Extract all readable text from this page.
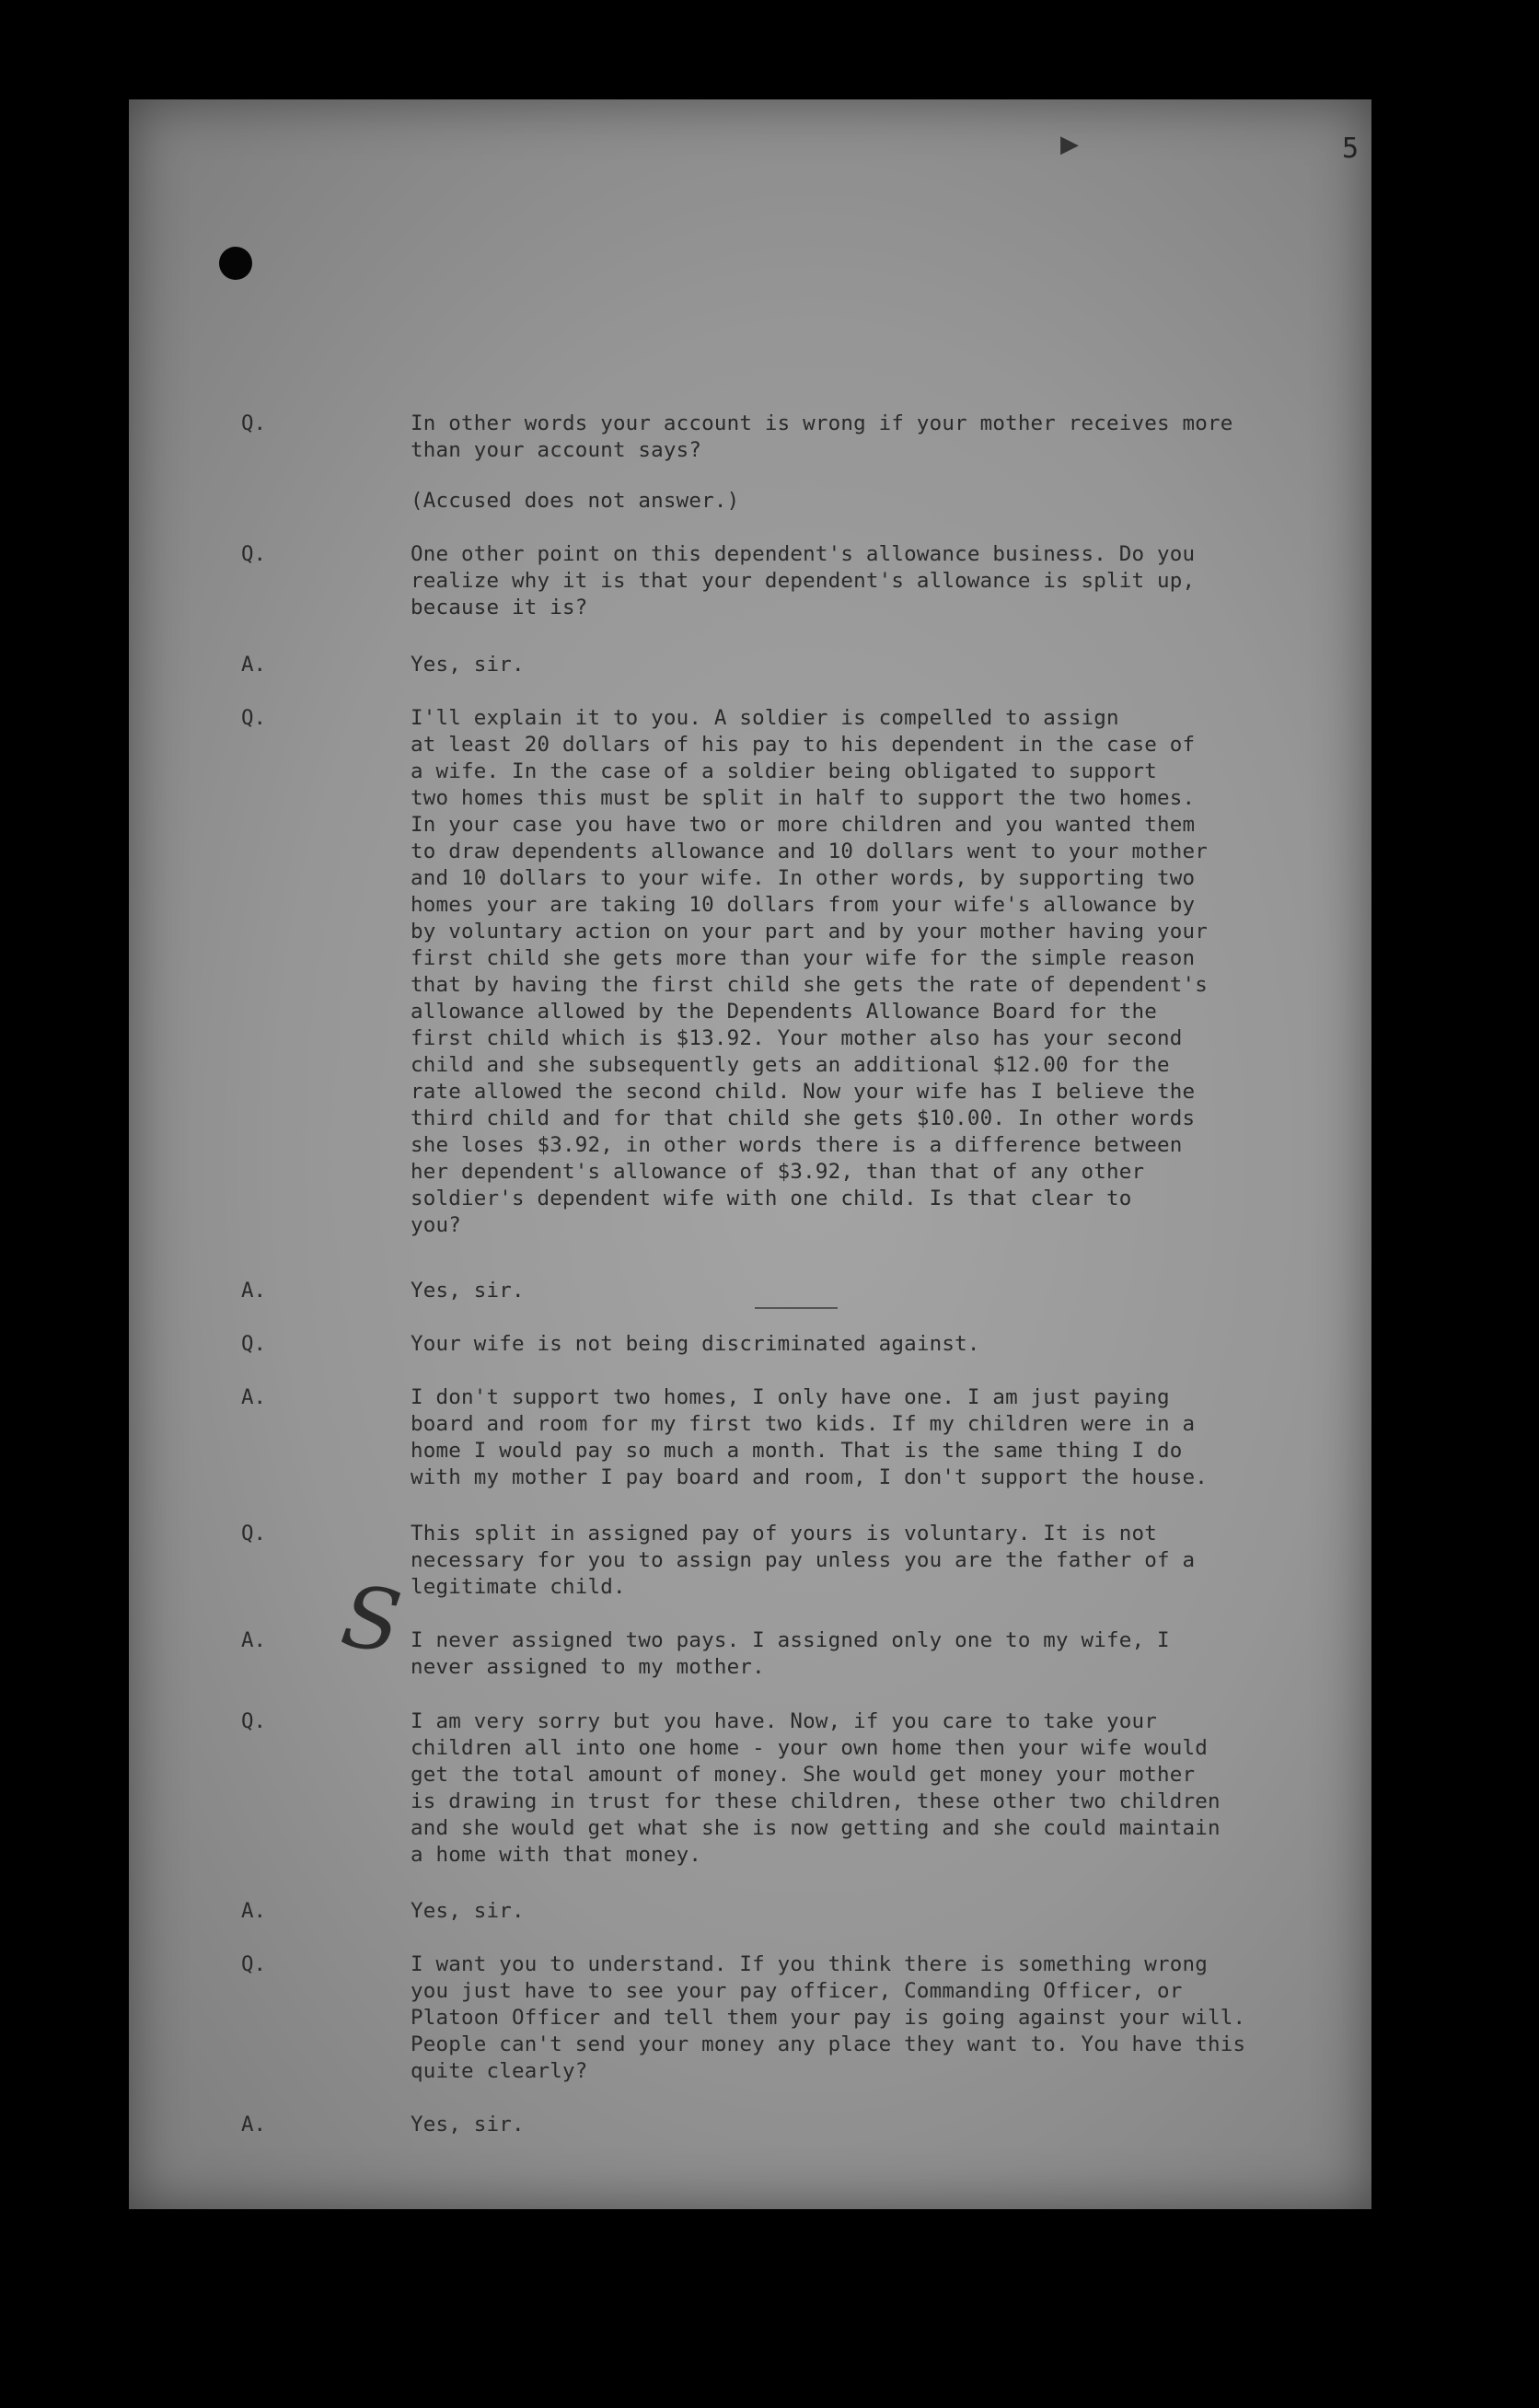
▶	5
S
Q.	In other words your account is wrong if your mother receives more
than your account says?
(Accused does not answer.)
Q.	One other point on this dependent's allowance business. Do you
realize why it is that your dependent's allowance is split up,
because it is?
A.	Yes, sir.
Q.	I'll explain it to you. A soldier is compelled to assign
at least 20 dollars of his pay to his dependent in the case of
a wife. In the case of a soldier being obligated to support
two homes this must be split in half to support the two homes.
In your case you have two or more children and you wanted them
to draw dependents allowance and 10 dollars went to your mother
and 10 dollars to your wife. In other words, by supporting two
homes your are taking 10 dollars from your wife's allowance by
by voluntary action on your part and by your mother having your
first child she gets more than your wife for the simple reason
that by having the first child she gets the rate of dependent's
allowance allowed by the Dependents Allowance Board for the
first child which is $13.92. Your mother also has your second
child and she subsequently gets an additional $12.00 for the
rate allowed the second child. Now your wife has I believe the
third child and for that child she gets $10.00. In other words
she loses $3.92, in other words there is a difference between
her dependent's allowance of $3.92, than that of any other
soldier's dependent wife with one child. Is that clear to
you?
A.	Yes, sir.
Q.	Your wife is not being discriminated against.
A.	I don't support two homes, I only have one. I am just paying
board and room for my first two kids. If my children were in a
home I would pay so much a month. That is the same thing I do
with my mother I pay board and room, I don't support the house.
Q.	This split in assigned pay of yours is voluntary. It is not
necessary for you to assign pay unless you are the father of a
legitimate child.
A.	I never assigned two pays. I assigned only one to my wife, I
never assigned to my mother.
Q.	I am very sorry but you have. Now, if you care to take your
children all into one home - your own home then your wife would
get the total amount of money. She would get money your mother
is drawing in trust for these children, these other two children
and she would get what she is now getting and she could maintain
a home with that money.
A.	Yes, sir.
Q.	I want you to understand. If you think there is something wrong
you just have to see your pay officer, Commanding Officer, or
Platoon Officer and tell them your pay is going against your will.
People can't send your money any place they want to. You have this
quite clearly?
A.	Yes, sir.
